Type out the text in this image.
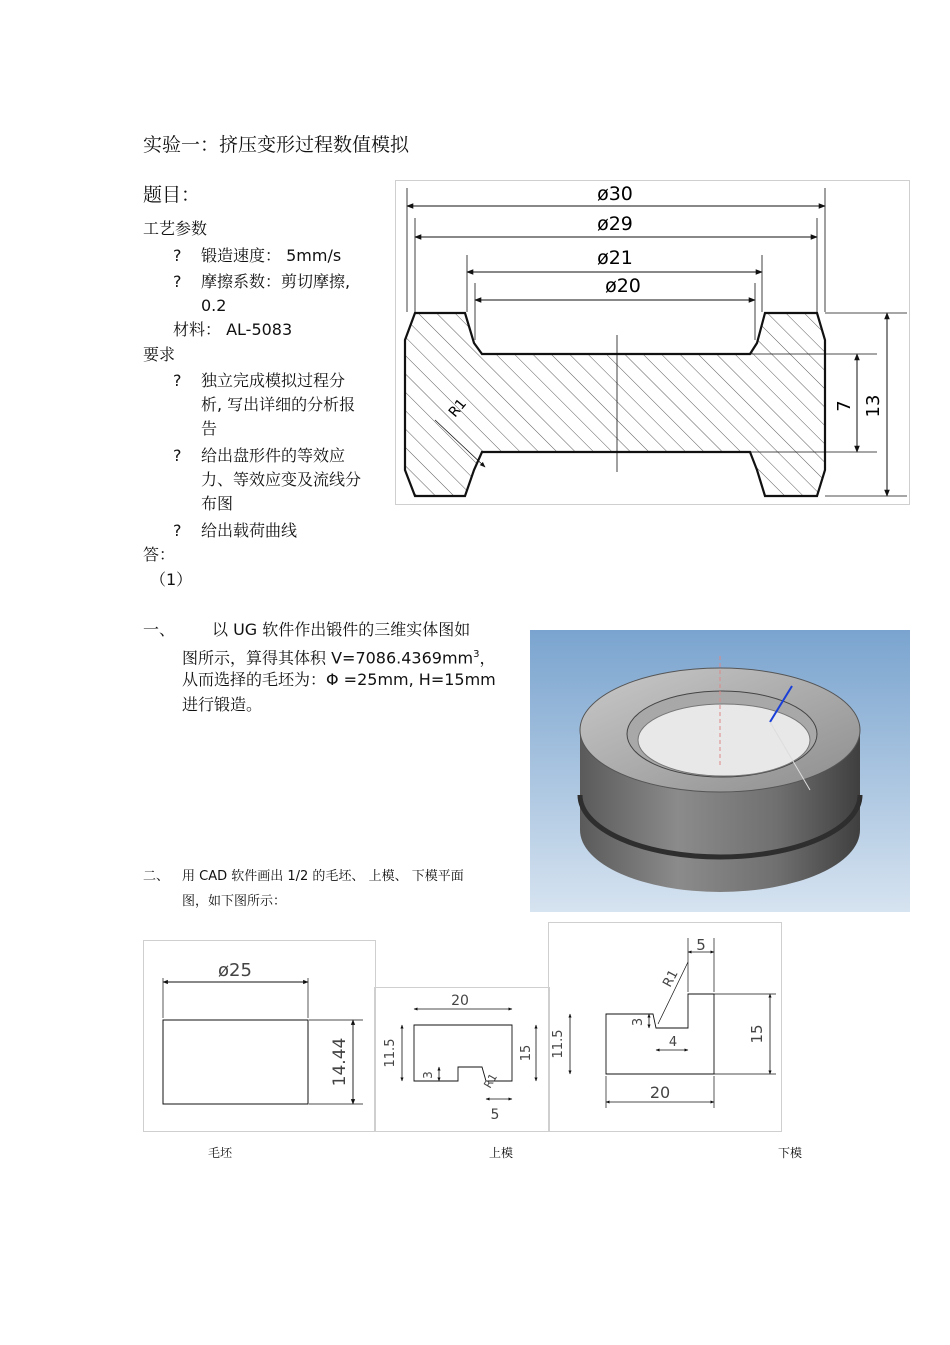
实验一：挤压变形过程数值模拟
题目：
工艺参数
? 锻造速度： 5mm/s
? 摩擦系数：剪切摩擦,
0.2
材料： AL-5083
要求
? 独立完成模拟过程分
析, 写出详细的分析报
告
? 给出盘形件的等效应
力、等效应变及流线分
布图
? 给出载荷曲线
答：
（1）
ø30
ø29
ø21
ø20
7 13
R1
一、 以 UG 软件作出锻件的三维实体图如
图所示，算得其体积 $V=7086.4369mm^3$，
从而选择的毛坯为：Φ =25mm, H=15mm
进行锻造。
二、 用 CAD 软件画出 1/2 的毛坯、 上模、 下模平面
图，如下图所示：
ø25
14.44
20
11.5	15
3	R1
5
5
R1
11.5
3
4	15
20
毛坯	上模	下模
